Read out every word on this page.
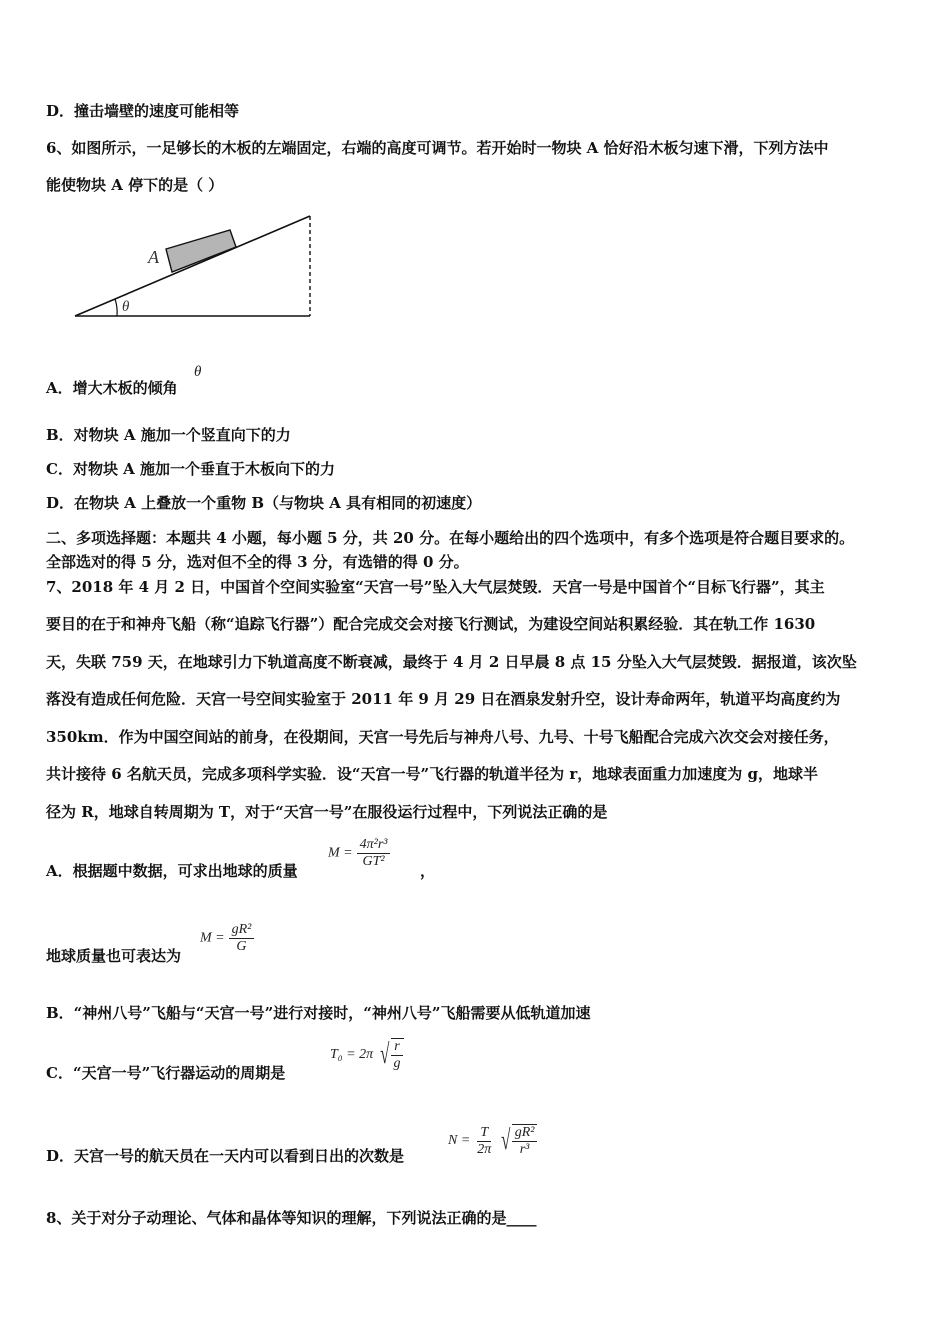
D．撞击墙壁的速度可能相等
6、如图所示，一足够长的木板的左端固定，右端的高度可调节。若开始时一物块 A 恰好沿木板匀速下滑，下列方法中
能使物块 A 停下的是（ ）
A
θ
A．增大木板的倾角
θ
B．对物块 A 施加一个竖直向下的力
C．对物块 A 施加一个垂直于木板向下的力
D．在物块 A 上叠放一个重物 B（与物块 A 具有相同的初速度）
二、多项选择题：本题共 4 小题，每小题 5 分，共 20 分。在每小题给出的四个选项中，有多个选项是符合题目要求的。
全部选对的得 5 分，选对但不全的得 3 分，有选错的得 0 分。
7、2018 年 4 月 2 日，中国首个空间实验室“天宫一号”坠入大气层焚毁．天宫一号是中国首个“目标飞行器”，其主
要目的在于和神舟飞船（称“追踪飞行器”）配合完成交会对接飞行测试，为建设空间站积累经验．其在轨工作 1630
天，失联 759 天，在地球引力下轨道高度不断衰减，最终于 4 月 2 日早晨 8 点 15 分坠入大气层焚毁．据报道，该次坠
落没有造成任何危险．天宫一号空间实验室于 2011 年 9 月 29 日在酒泉发射升空，设计寿命两年，轨道平均高度约为
350km．作为中国空间站的前身，在役期间，天宫一号先后与神舟八号、九号、十号飞船配合完成六次交会对接任务，
共计接待 6 名航天员，完成多项科学实验．设“天宫一号”飞行器的轨道半径为 r，地球表面重力加速度为 g，地球半
径为 R，地球自转周期为 T，对于“天宫一号”在服役运行过程中，下列说法正确的是
A．根据题中数据，可求出地球的质量
$M = \frac{\text{4π²r³}}{\text{GT²}}$
，
地球质量也可表达为
$M = \frac{\text{gR²}}{G}$
B．“神州八号”飞船与“天宫一号”进行对接时，“神州八号”飞船需要从低轨道加速
C．“天宫一号”飞行器运动的周期是
T₀ = 2π √ $\frac{r}{g}$
D．天宫一号的航天员在一天内可以看到日出的次数是
$N = \frac{T}{2\pi}$
√ $\frac{\text{gR²}}{\text{r³}}$
8、关于对分子动理论、气体和晶体等知识的理解，下列说法正确的是____
